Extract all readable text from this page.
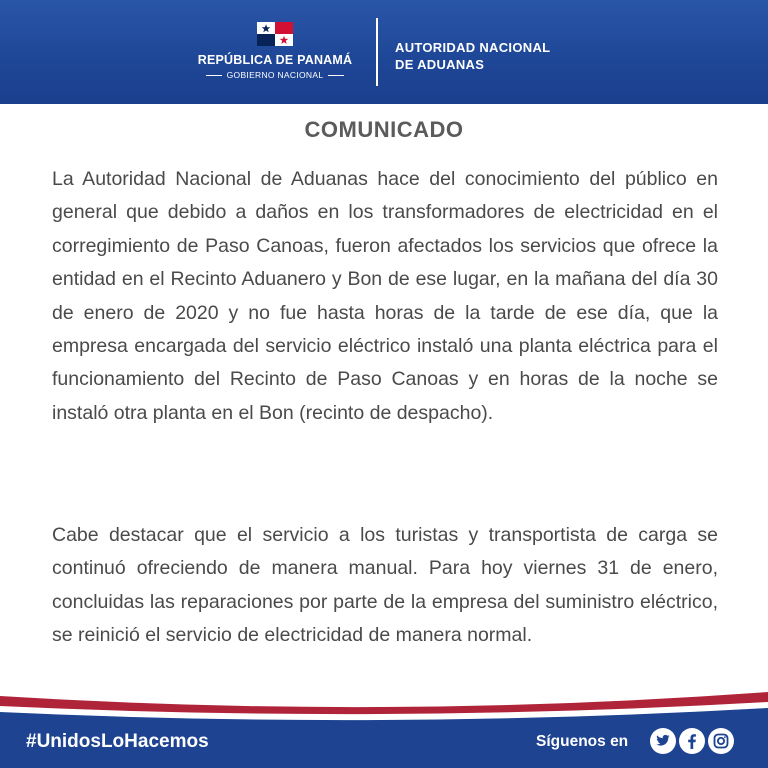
REPÚBLICA DE PANAMÁ
GOBIERNO NACIONAL
AUTORIDAD NACIONAL
DE ADUANAS
COMUNICADO
La Autoridad Nacional de Aduanas hace del conocimiento del público en general que debido a daños en los transformadores de electricidad en el corregimiento de Paso Canoas, fueron afectados los servicios que ofrece la entidad en el Recinto Aduanero y Bon de ese lugar, en la mañana del día 30 de enero de 2020 y no fue hasta horas de la tarde de ese día, que la empresa encargada del servicio eléctrico instaló una planta eléctrica para el funcionamiento del Recinto de Paso Canoas y en horas de la noche se instaló otra planta en el Bon (recinto de despacho).
Cabe destacar que el servicio a los turistas y transportista de carga se continuó ofreciendo de manera manual. Para hoy viernes 31 de enero, concluidas las reparaciones por parte de la empresa del suministro eléctrico, se reinició el servicio de electricidad de manera normal.
#UnidosLoHacemos	Síguenos en
